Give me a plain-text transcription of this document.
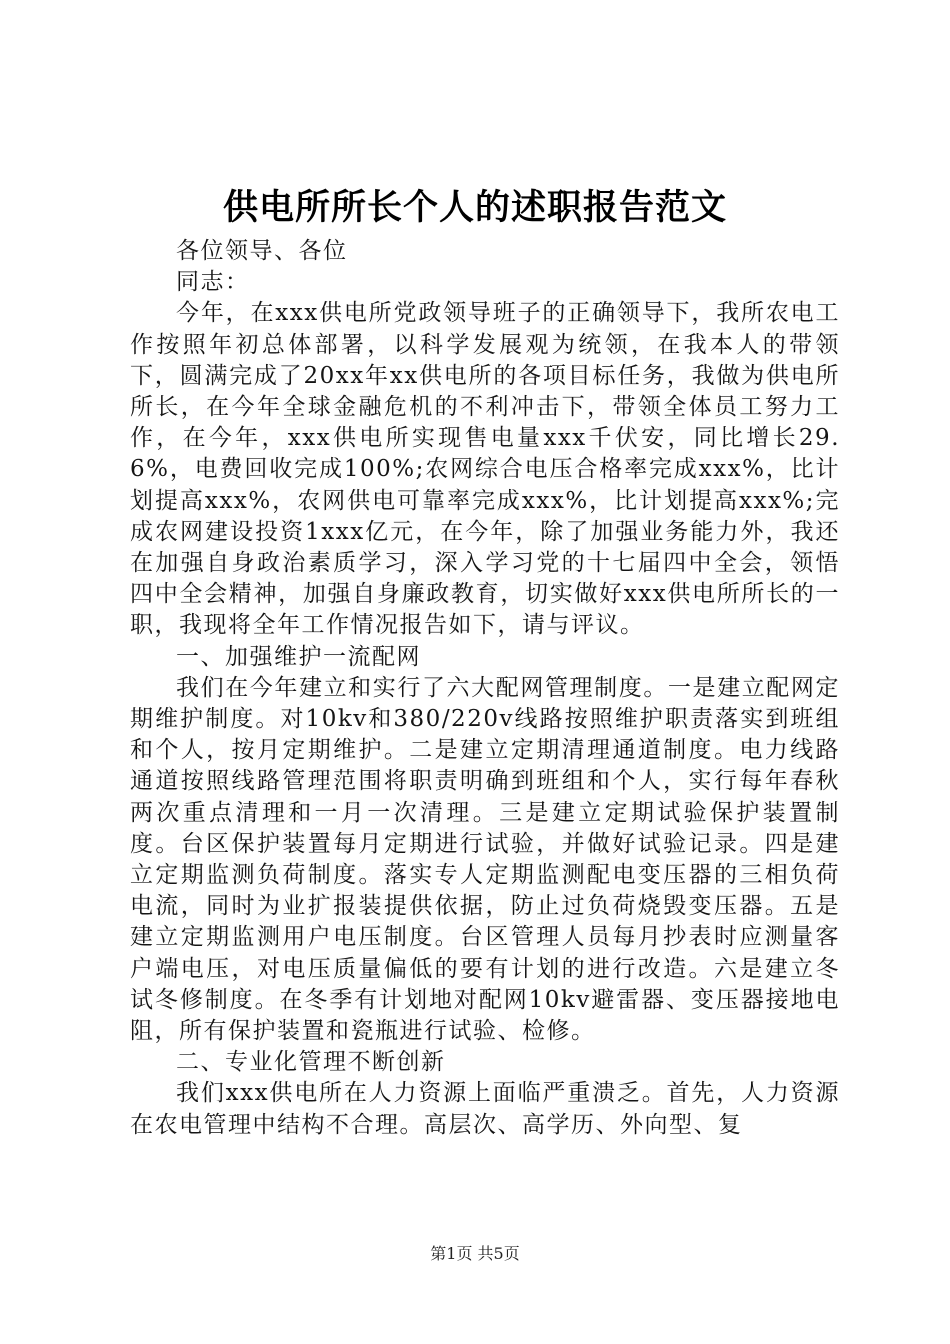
供电所所长个人的述职报告范文

各位领导、各位

同志：

今年，在xxx供电所党政领导班子的正确领导下，我所农电工作按照年初总体部署，以科学发展观为统领，在我本人的带领下，圆满完成了20xx年xx供电所的各项目标任务，我做为供电所所长，在今年全球金融危机的不利冲击下，带领全体员工努力工作，在今年，xxx供电所实现售电量xxx千伏安，同比增长29.6%，电费回收完成100%;农网综合电压合格率完成xxx%，比计划提高xxx%，农网供电可靠率完成xxx%，比计划提高xxx%;完成农网建设投资1xxx亿元，在今年，除了加强业务能力外，我还在加强自身政治素质学习，深入学习党的十七届四中全会，领悟四中全会精神，加强自身廉政教育，切实做好xxx供电所所长的一职，我现将全年工作情况报告如下，请与评议。

一、加强维护一流配网

我们在今年建立和实行了六大配网管理制度。一是建立配网定期维护制度。对10kv和380/220v线路按照维护职责落实到班组和个人，按月定期维护。二是建立定期清理通道制度。电力线路通道按照线路管理范围将职责明确到班组和个人，实行每年春秋两次重点清理和一月一次清理。三是建立定期试验保护装置制度。台区保护装置每月定期进行试验，并做好试验记录。四是建立定期监测负荷制度。落实专人定期监测配电变压器的三相负荷电流，同时为业扩报装提供依据，防止过负荷烧毁变压器。五是建立定期监测用户电压制度。台区管理人员每月抄表时应测量客户端电压，对电压质量偏低的要有计划的进行改造。六是建立冬试冬修制度。在冬季有计划地对配网10kv避雷器、变压器接地电阻，所有保护装置和瓷瓶进行试验、检修。

二、专业化管理不断创新

我们xxx供电所在人力资源上面临严重溃乏。首先，人力资源在农电管理中结构不合理。高层次、高学历、外向型、复

第1页 共5页
